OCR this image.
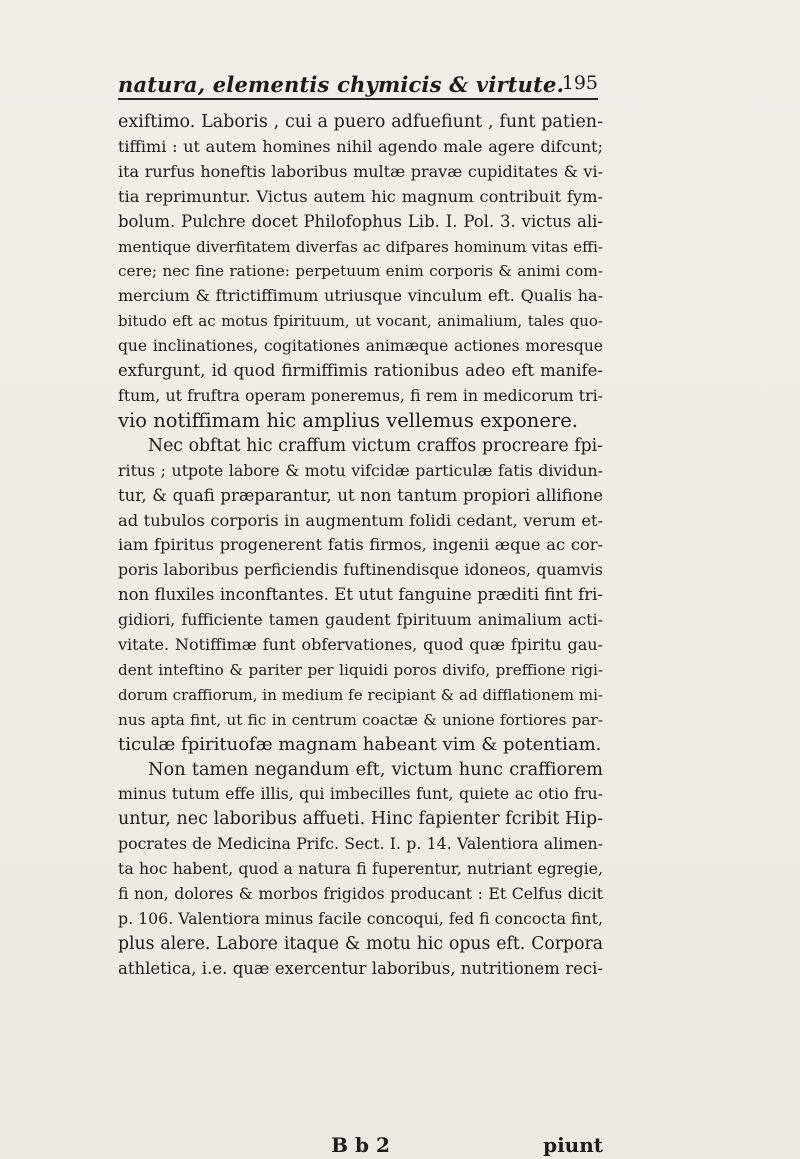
natura, elementis chymicis & virtute.
195
exiftimo. Laboris , cui a puero adfuefiunt , funt patien-
tiffimi : ut autem homines nihil agendo male agere difcunt;
ita rurfus honeftis laboribus multæ pravæ cupiditates & vi-
tia reprimuntur. Victus autem hic magnum contribuit fym-
bolum. Pulchre docet Philofophus Lib. I. Pol. 3. victus ali-
mentique diverfitatem diverfas ac difpares hominum vitas effi-
cere; nec fine ratione: perpetuum enim corporis & animi com-
mercium & ftrictiffimum utriusque vinculum eft. Qualis ha-
bitudo eft ac motus fpirituum, ut vocant, animalium, tales quo-
que inclinationes, cogitationes animæque actiones moresque
exfurgunt, id quod firmiffimis rationibus adeo eft manife-
ftum, ut fruftra operam poneremus, fi rem in medicorum tri-
vio notiffimam hic amplius vellemus exponere.
Nec obftat hic craffum victum craffos procreare fpi-
ritus ; utpote labore & motu vifcidæ particulæ fatis dividun-
tur, & quafi præparantur, ut non tantum propiori allifione
ad tubulos corporis in augmentum folidi cedant, verum et-
iam fpiritus progenerent fatis firmos, ingenii æque ac cor-
poris laboribus perficiendis fuftinendisque idoneos, quamvis
non fluxiles inconftantes. Et utut fanguine præditi fint fri-
gidiori, fufficiente tamen gaudent fpirituum animalium acti-
vitate. Notiffimæ funt obfervationes, quod quæ fpiritu gau-
dent inteftino & pariter per liquidi poros divifo, preffione rigi-
dorum craffiorum, in medium fe recipiant & ad difflationem mi-
nus apta fint, ut fic in centrum coactæ & unione fortiores par-
ticulæ fpirituofæ magnam habeant vim & potentiam.
Non tamen negandum eft, victum hunc craffiorem
minus tutum effe illis, qui imbecilles funt, quiete ac otio fru-
untur, nec laboribus affueti. Hinc fapienter fcribit Hip-
pocrates de Medicina Prifc. Sect. I. p. 14. Valentiora alimen-
ta hoc habent, quod a natura fi fuperentur, nutriant egregie,
fi non, dolores & morbos frigidos producant : Et Celfus dicit
p. 106. Valentiora minus facile concoqui, fed fi concocta fint,
plus alere. Labore itaque & motu hic opus eft. Corpora
athletica, i.e. quæ exercentur laboribus, nutritionem reci-
B b 2	piunt
